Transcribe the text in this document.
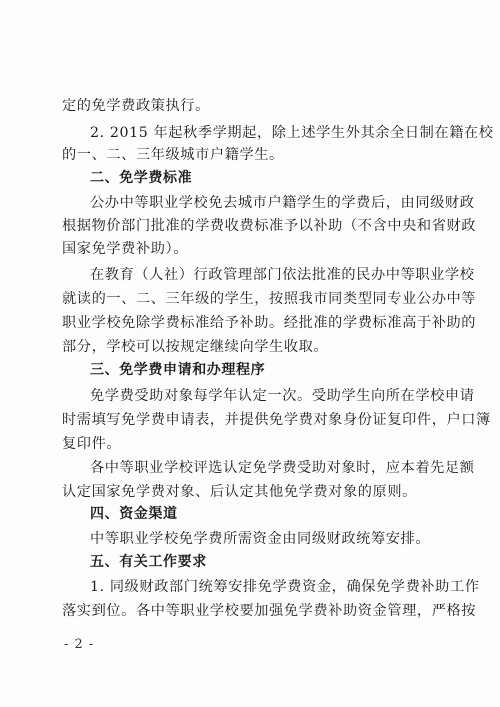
定的免学费政策执行。
2. 2015 年起秋季学期起，除上述学生外其余全日制在籍在校
的一、二、三年级城市户籍学生。
二、免学费标准
公办中等职业学校免去城市户籍学生的学费后，由同级财政
根据物价部门批准的学费收费标准予以补助（不含中央和省财政
国家免学费补助）。
在教育（人社）行政管理部门依法批准的民办中等职业学校
就读的一、二、三年级的学生，按照我市同类型同专业公办中等
职业学校免除学费标准给予补助。经批准的学费标准高于补助的
部分，学校可以按规定继续向学生收取。
三、免学费申请和办理程序
免学费受助对象每学年认定一次。受助学生向所在学校申请
时需填写免学费申请表，并提供免学费对象身份证复印件，户口簿
复印件。
各中等职业学校评选认定免学费受助对象时，应本着先足额
认定国家免学费对象、后认定其他免学费对象的原则。
四、资金渠道
中等职业学校免学费所需资金由同级财政统筹安排。
五、有关工作要求
1. 同级财政部门统筹安排免学费资金，确保免学费补助工作
落实到位。各中等职业学校要加强免学费补助资金管理，严格按
- 2 -
